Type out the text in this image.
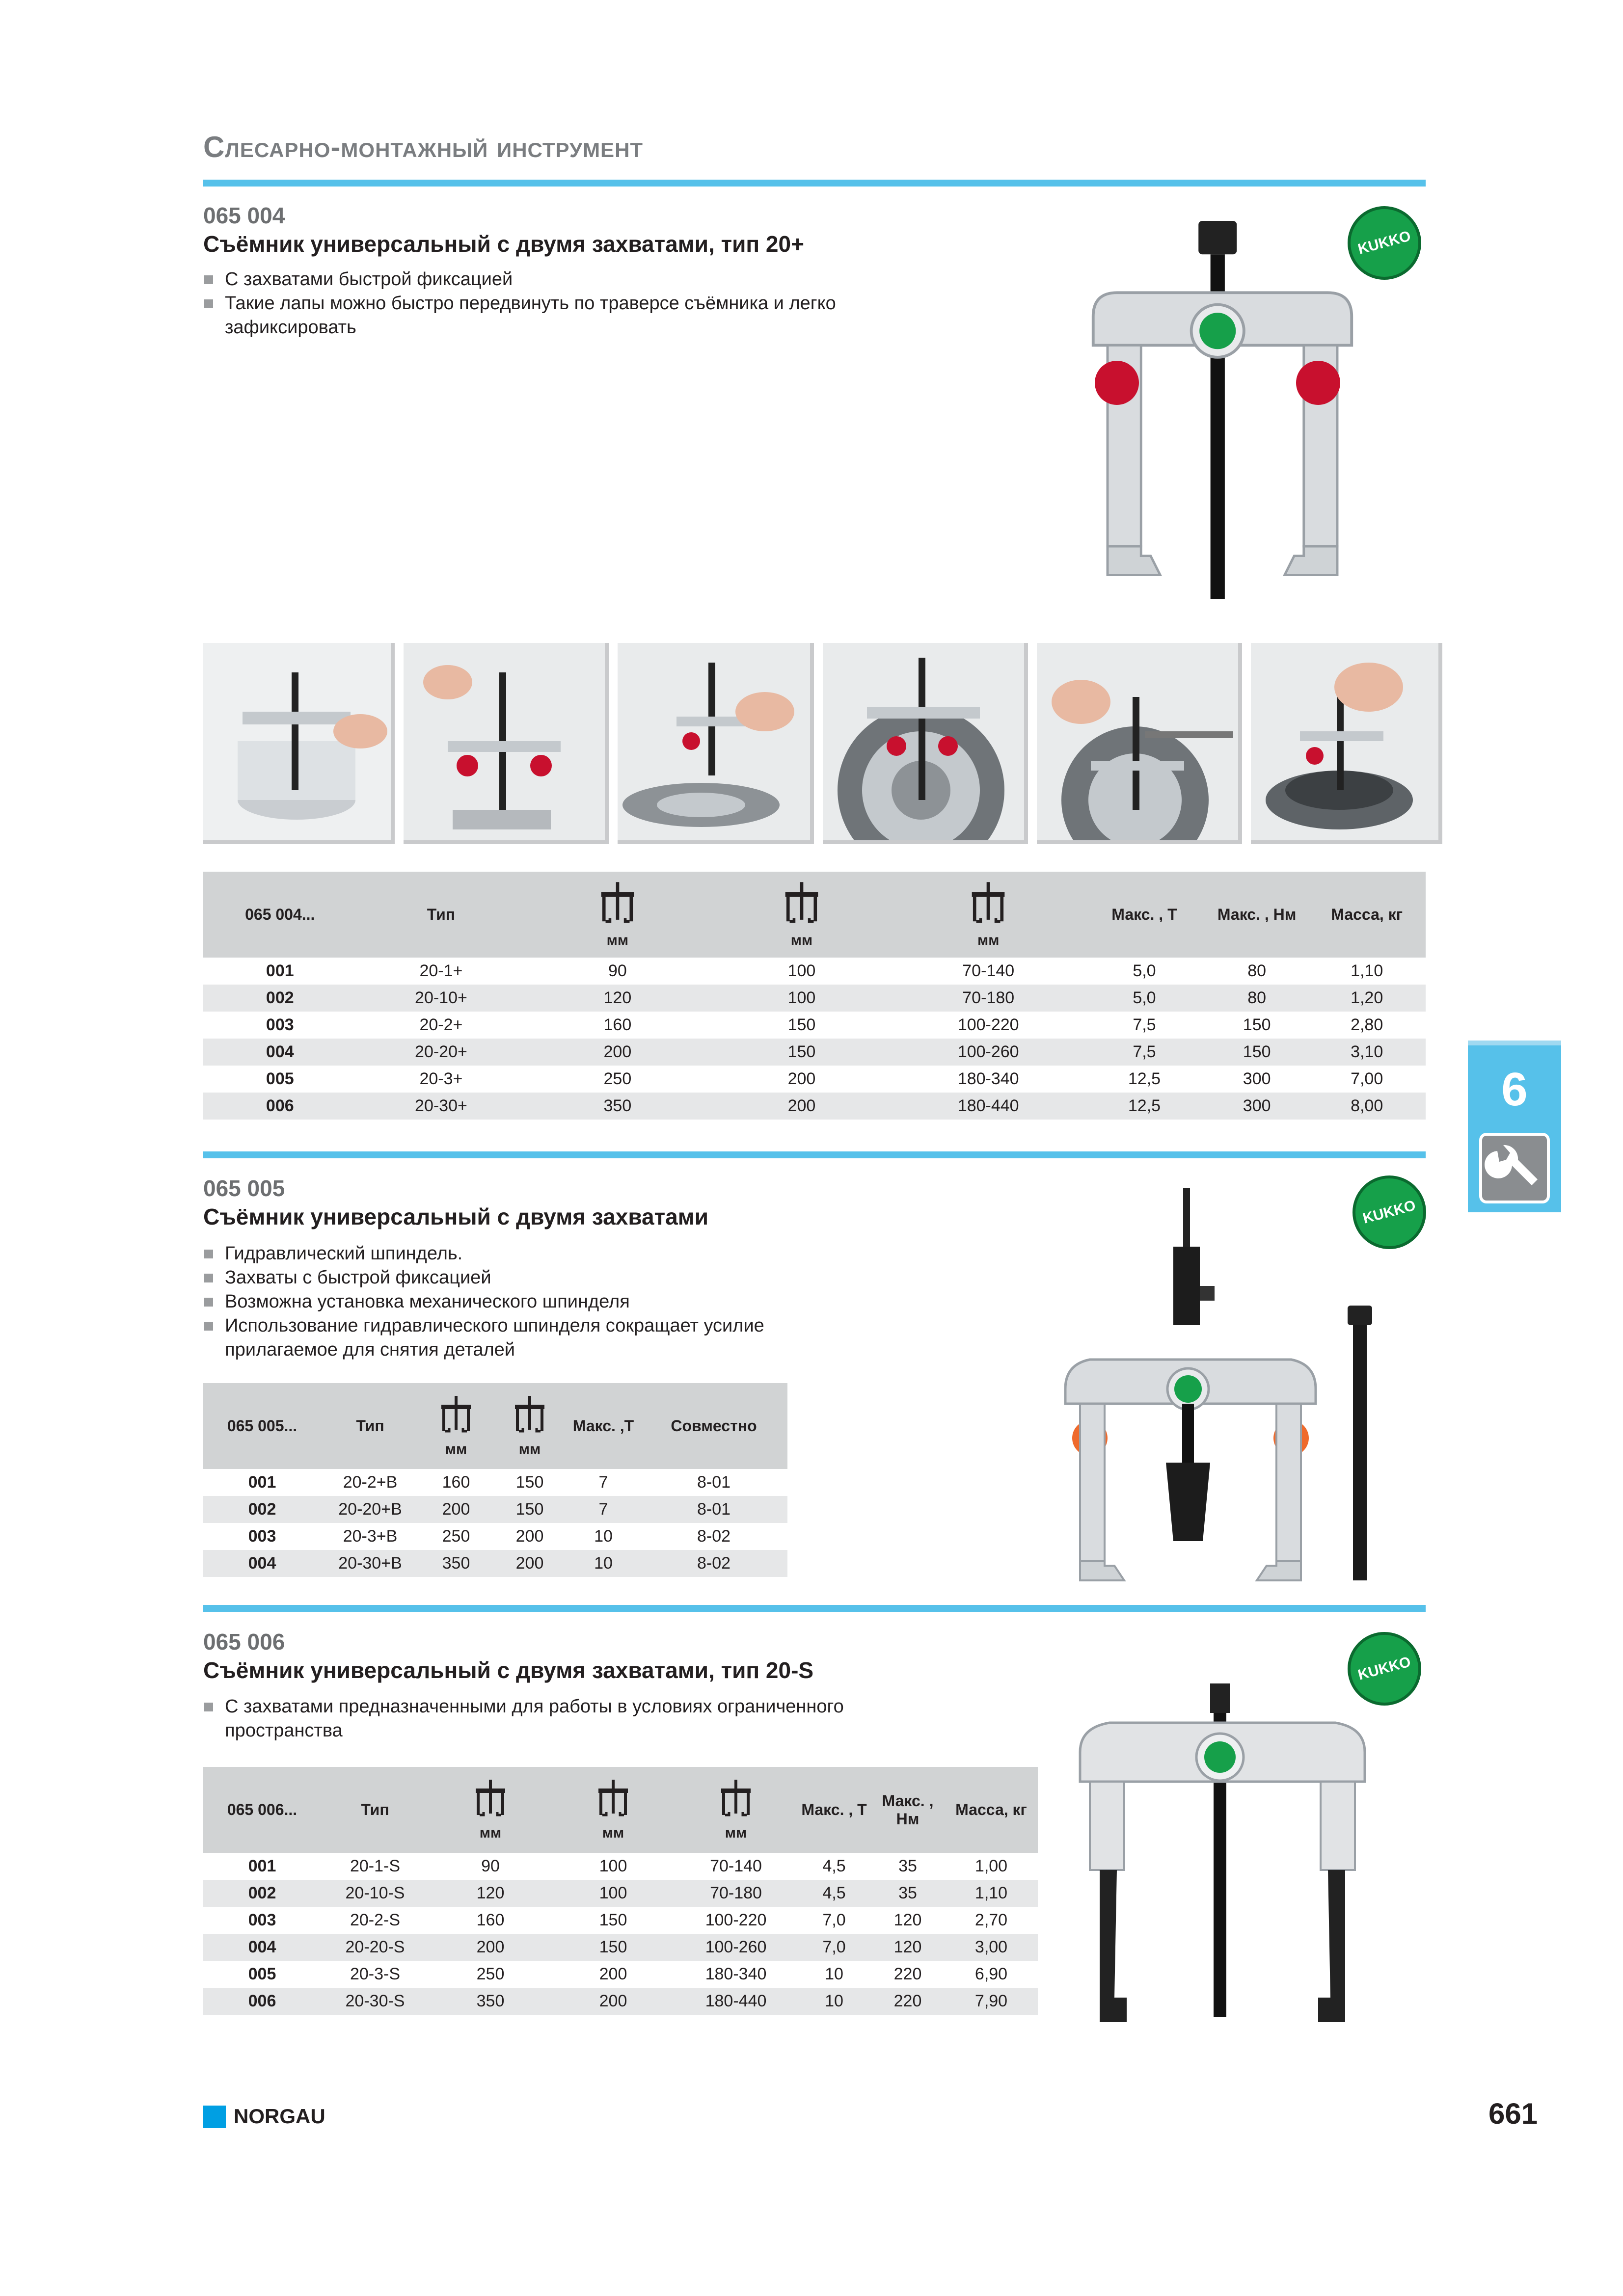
Слесарно-монтажный инструмент
065 004
Съёмник универсальный с двумя захватами, тип 20+
С захватами быстрой фиксацией
Такие лапы можно быстро передвинуть по траверсе съёмника и легко зафиксировать
KUKKO
065 004...	Тип	мм	мм	мм	Макс. , Т	Макс. , Нм	Масса, кг
001	20-1+	90	100	70-140	5,0	80	1,10
002	20-10+	120	100	70-180	5,0	80	1,20
003	20-2+	160	150	100-220	7,5	150	2,80
004	20-20+	200	150	100-260	7,5	150	3,10
005	20-3+	250	200	180-340	12,5	300	7,00
006	20-30+	350	200	180-440	12,5	300	8,00	6
065 005
Съёмник универсальный с двумя захватами
Гидравлический шпиндель.
Захваты с быстрой фиксацией
Возможна установка механического шпинделя
Использование гидравлического шпинделя сокращает усилие прилагаемое для снятия деталей
KUKKO
065 005...	Тип	мм	мм	Макс. ,Т	Совместно
001	20-2+B	160	150	7	8-01
002	20-20+B	200	150	7	8-01
003	20-3+B	250	200	10	8-02
004	20-30+B	350	200	10	8-02
065 006
Съёмник универсальный с двумя захватами, тип 20-S
С захватами предназначенными для работы в условиях ограниченного пространства
KUKKO
065 006...	Тип	мм	мм	мм	Макс. , Т	Макс. , Нм	Масса, кг
001	20-1-S	90	100	70-140	4,5	35	1,00
002	20-10-S	120	100	70-180	4,5	35	1,10
003	20-2-S	160	150	100-220	7,0	120	2,70
004	20-20-S	200	150	100-260	7,0	120	3,00
005	20-3-S	250	200	180-340	10	220	6,90
006	20-30-S	350	200	180-440	10	220	7,90
NORGAU	661
